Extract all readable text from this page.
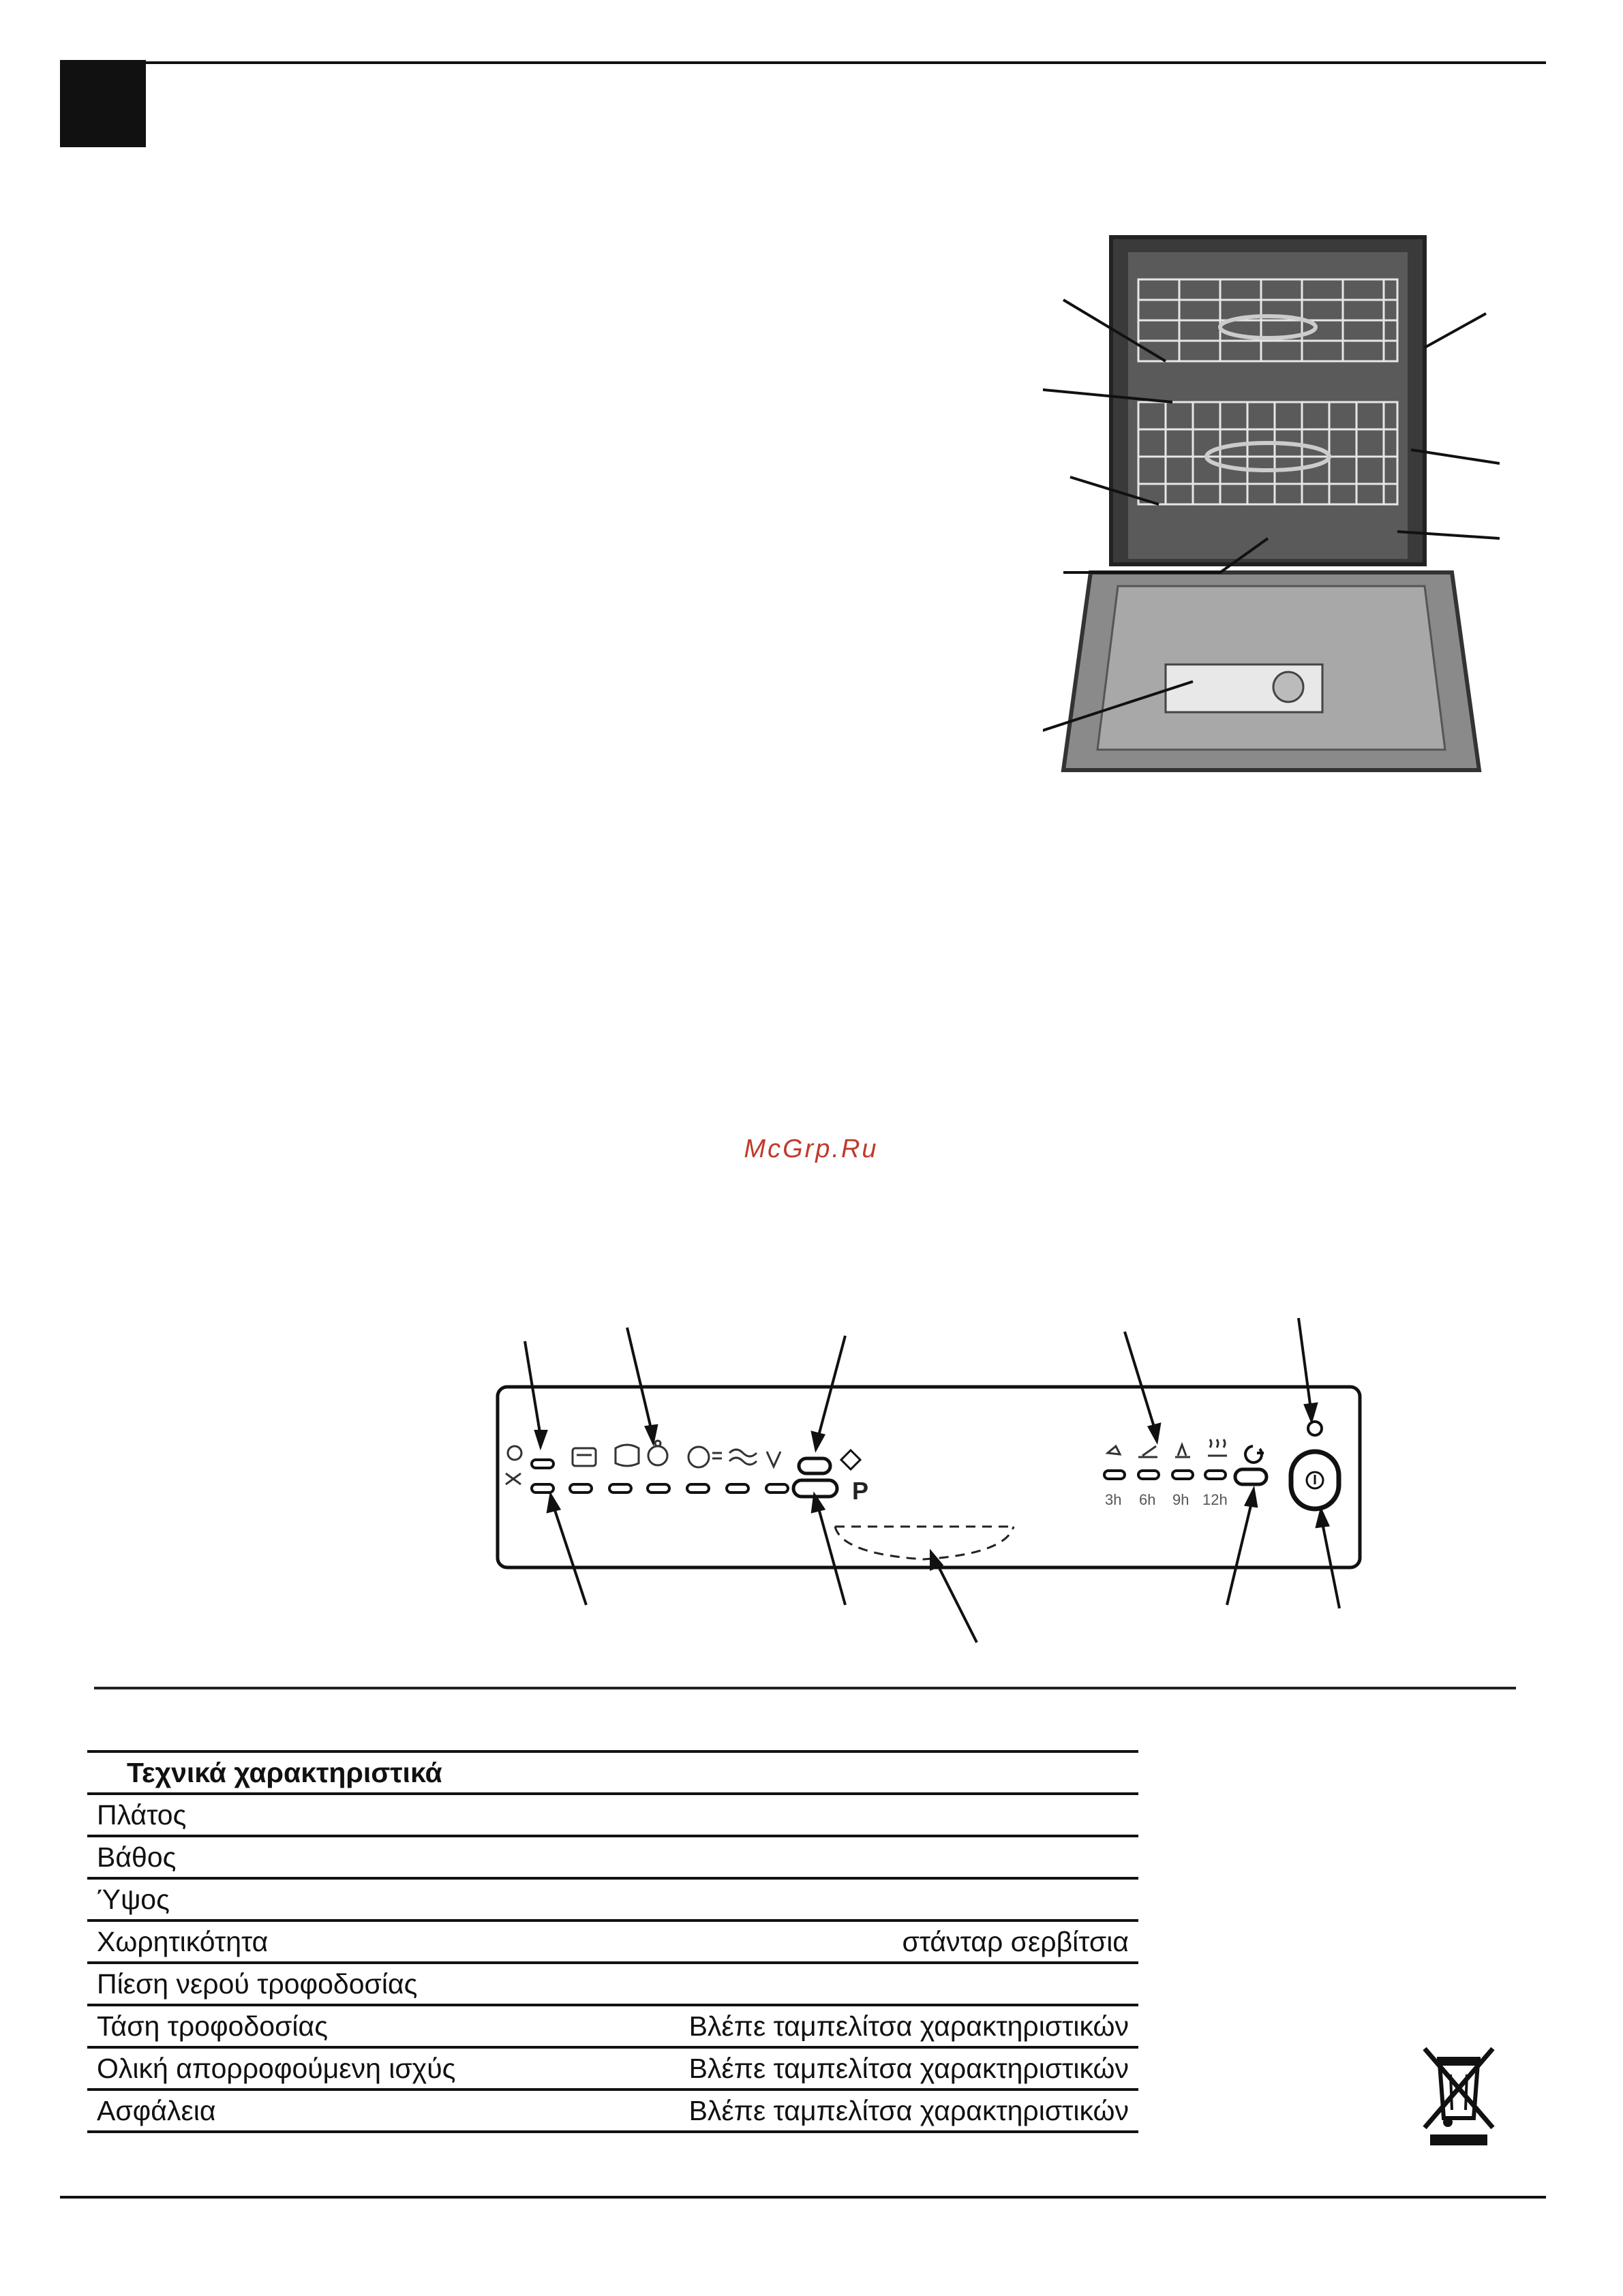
McGrp.Ru
P	3h 6h 9h 12h
Τεχνικά χαρακτηριστικά	
Πλάτος	
Βάθος	
Ύψος	
Χωρητικότητα	στάνταρ σερβίτσια
Πίεση νερού τροφοδοσίας	
Τάση τροφοδοσίας	Βλέπε ταμπελίτσα χαρακτηριστικών
Ολική απορροφούμενη ισχύς	Βλέπε ταμπελίτσα χαρακτηριστικών
Ασφάλεια	Βλέπε ταμπελίτσα χαρακτηριστικών
